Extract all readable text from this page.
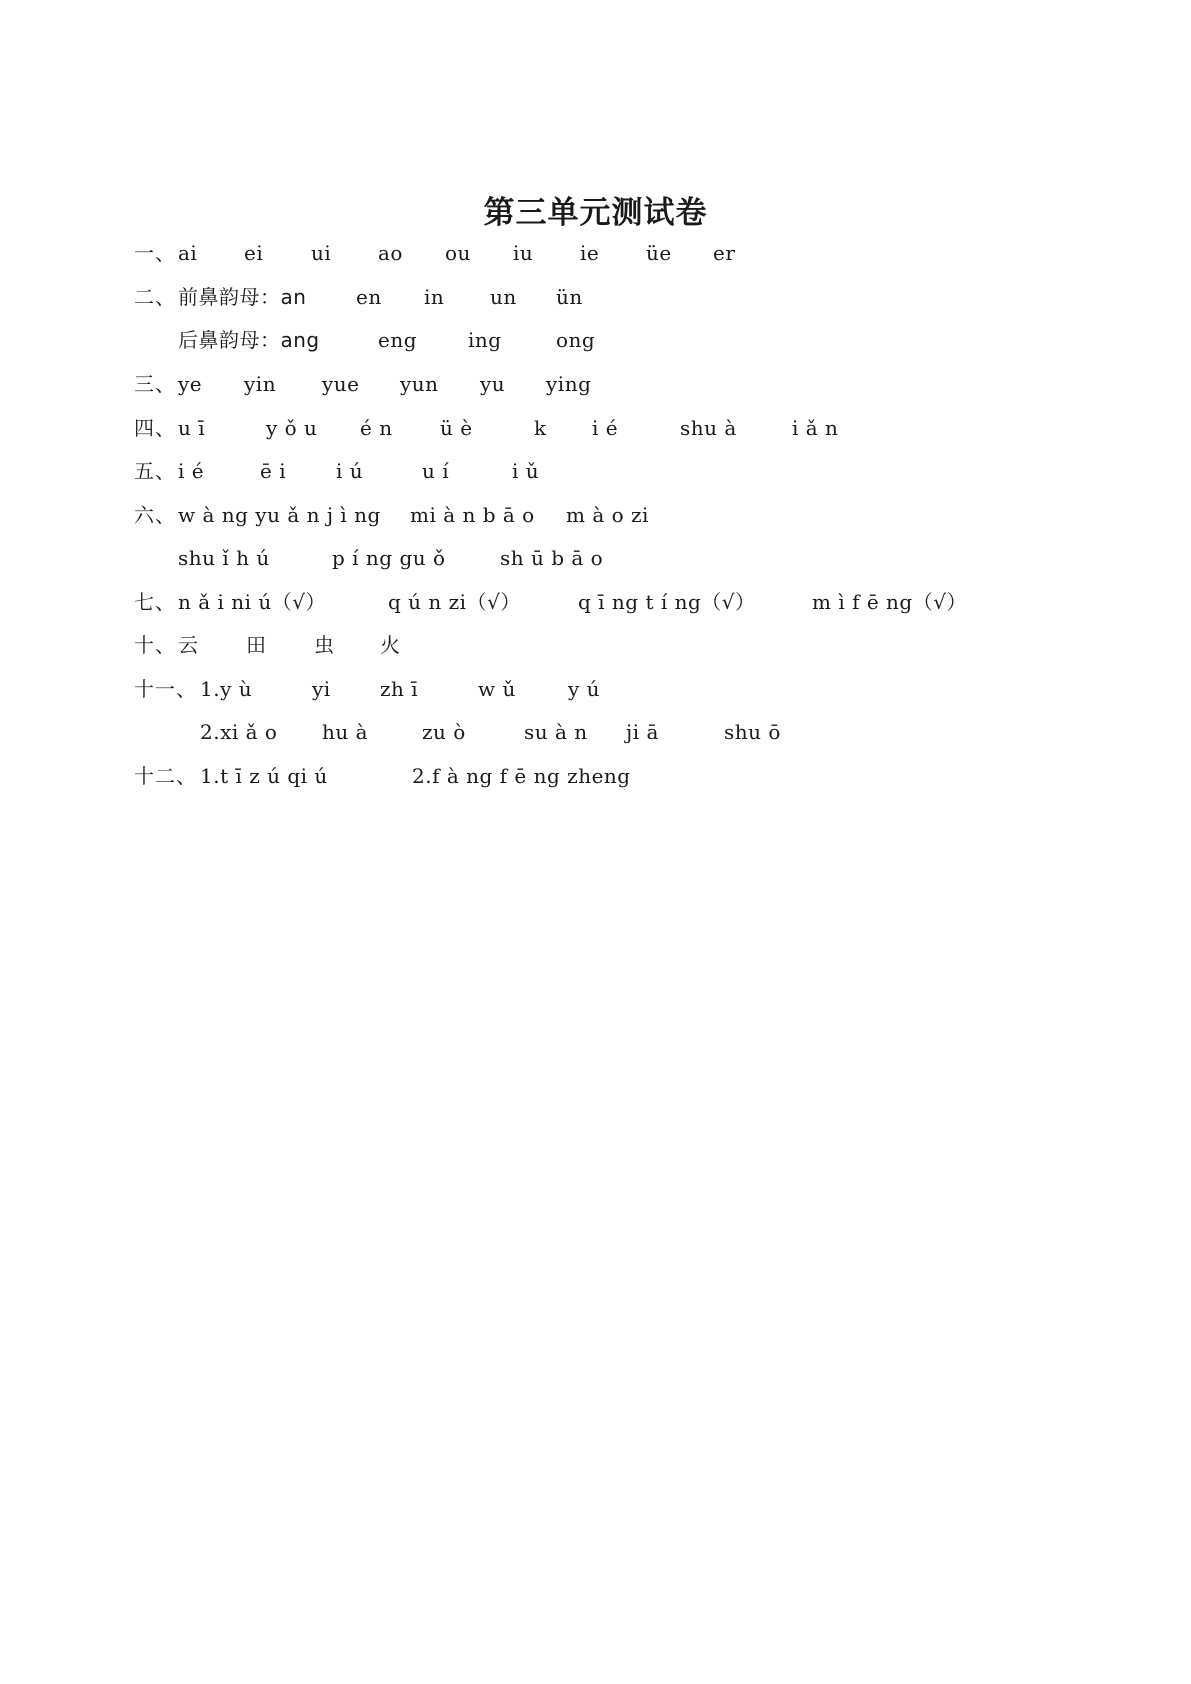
第三单元测试卷
一、 ai ei ui ao ou iu ie üe er
二、 前鼻韵母：an en in un ün
后鼻韵母：ang	eng	ing	ong
三、 ye yin yue yun yu ying
四、 u ī	y ǒ u é n ü è	k i é	shu à	i ǎ n
五、 i é	ē i i ú	u í	i ǔ
六、 w à ng yu ǎ n j ì ng mi à n b ā o m à o zi
shu ǐ h ú	p í ng gu ǒ	sh ū b ā o
七、 n ǎ i ni ú（√）	q ú n zi（√）	q ī ng t í ng（√）	m ì f ē ng（√）
十、 云 田 虫 火
十一、 1.y ù	yi zh ī	w ǔ	y ú
2.xi ǎ o hu à	zu ò	su à n ji ā	shu ō
十二、 1.t ī z ú qi ú	2.f à ng f ē ng zheng
